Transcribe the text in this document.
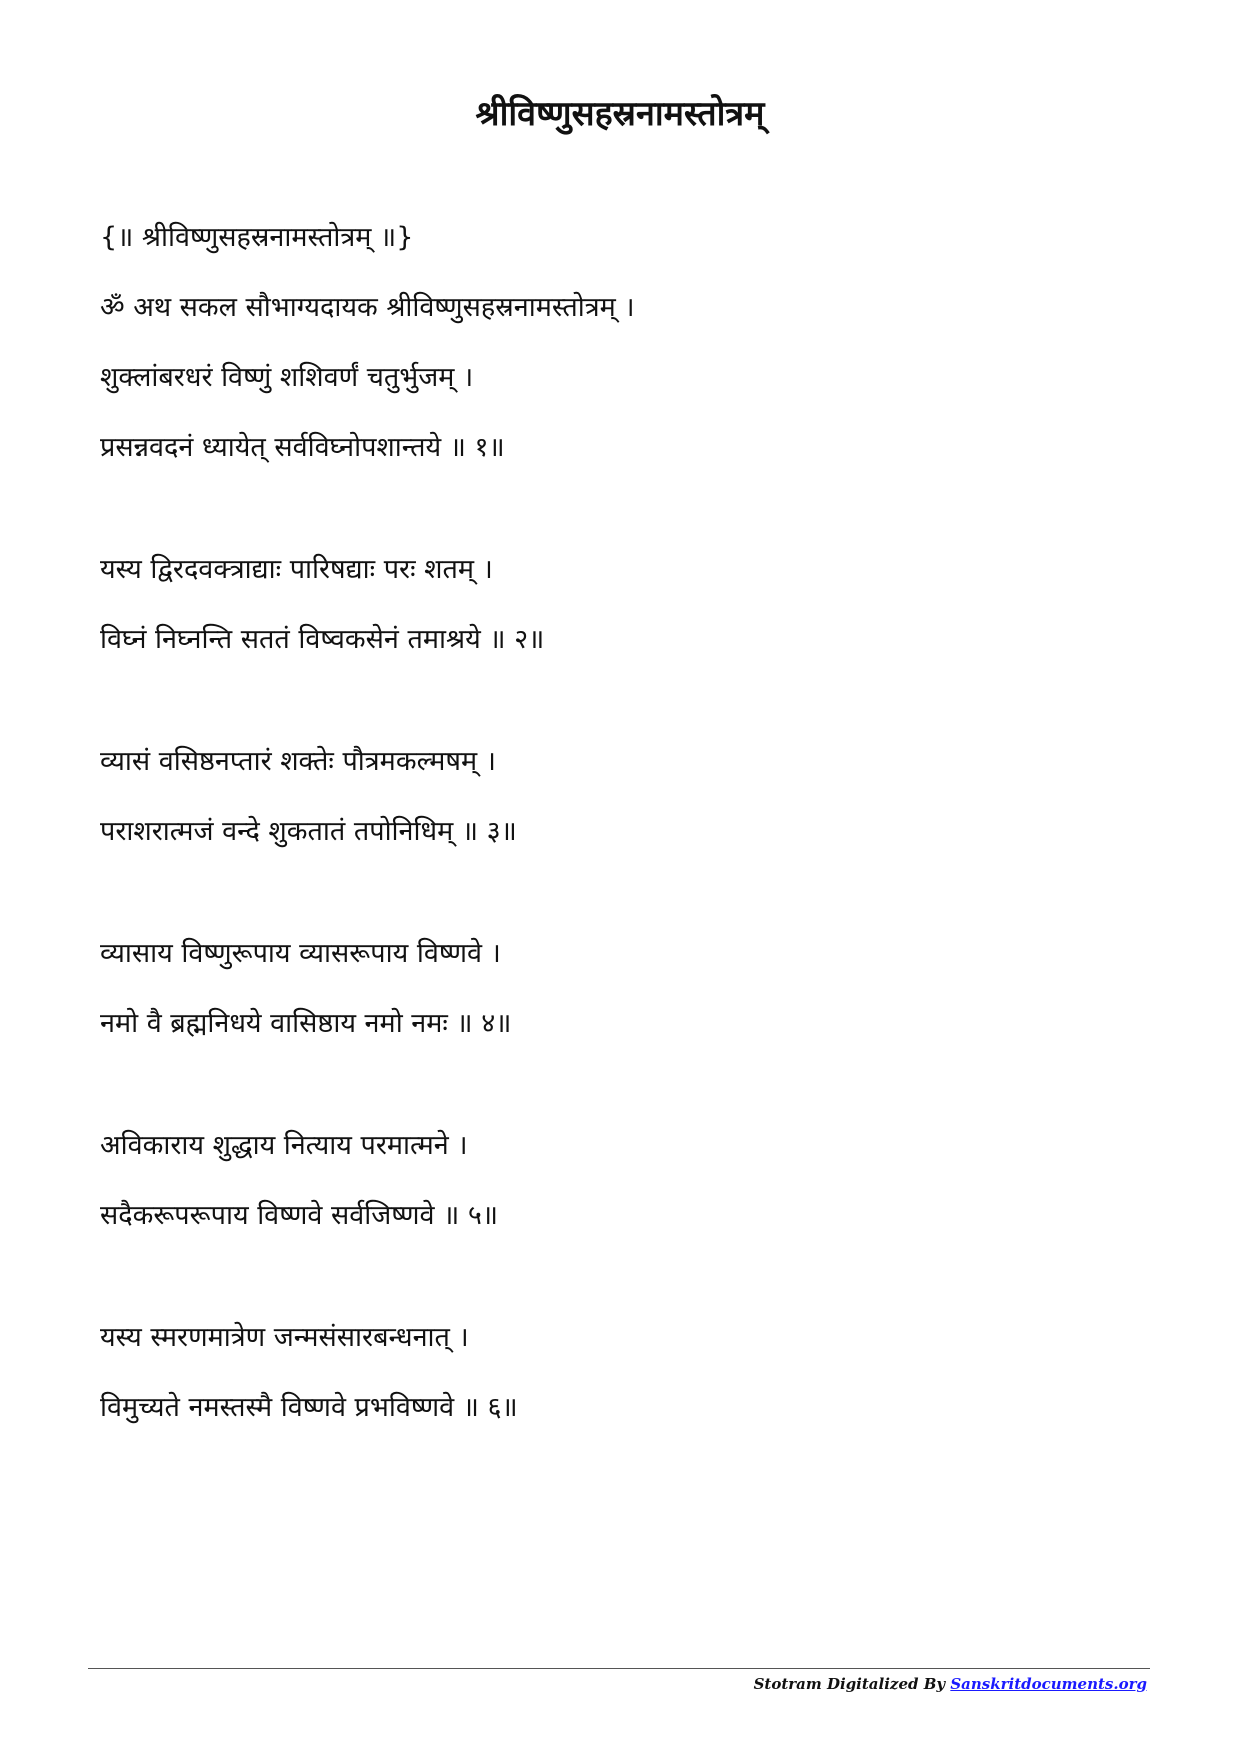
श्रीविष्णुसहस्रनामस्तोत्रम्

{॥ श्रीविष्णुसहस्रनामस्तोत्रम् ॥}

ॐ अथ सकल सौभाग्यदायक श्रीविष्णुसहस्रनामस्तोत्रम् ।

शुक्लांबरधरं विष्णुं शशिवर्णं चतुर्भुजम् ।

प्रसन्नवदनं ध्यायेत् सर्वविघ्नोपशान्तये ॥ १॥

यस्य द्विरदवक्त्राद्याः पारिषद्याः परः शतम् ।

विघ्नं निघ्नन्ति सततं विष्वकसेनं तमाश्रये ॥ २॥

व्यासं वसिष्ठनप्तारं शक्तेः पौत्रमकल्मषम् ।

पराशरात्मजं वन्दे शुकतातं तपोनिधिम् ॥ ३॥

व्यासाय विष्णुरूपाय व्यासरूपाय विष्णवे ।

नमो वै ब्रह्मनिधये वासिष्ठाय नमो नमः ॥ ४॥

अविकाराय शुद्धाय नित्याय परमात्मने ।

सदैकरूपरूपाय विष्णवे सर्वजिष्णवे ॥ ५॥

यस्य स्मरणमात्रेण जन्मसंसारबन्धनात् ।

विमुच्यते नमस्तस्मै विष्णवे प्रभविष्णवे ॥ ६॥

Stotram Digitalized By Sanskritdocuments.org
